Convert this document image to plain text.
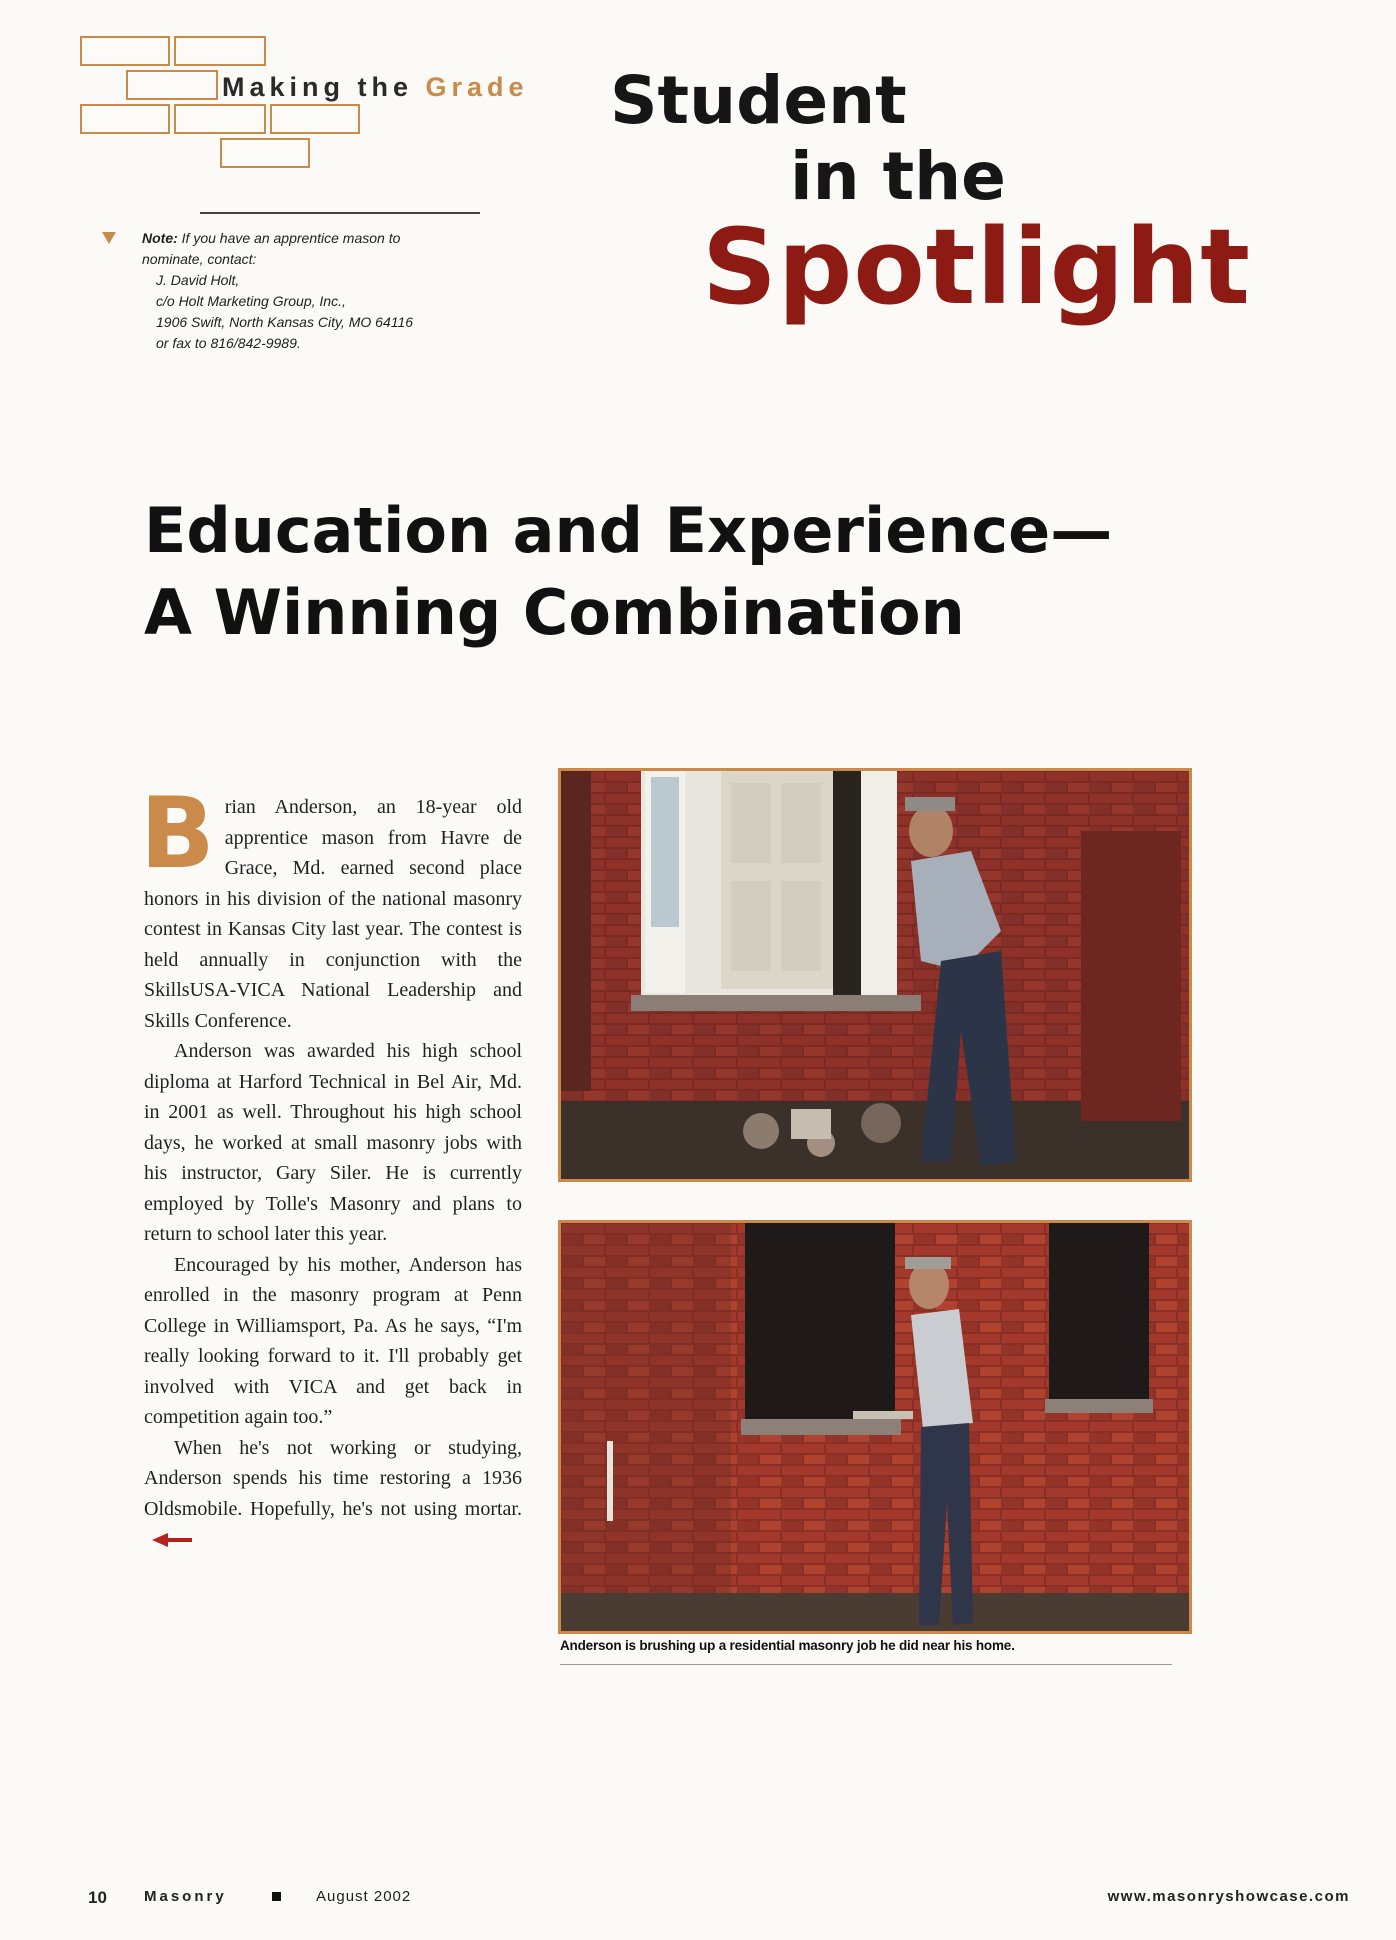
Making the Grade Student
in the
Spotlight
Note: If you have an apprentice mason to
nominate, contact:
J. David Holt,
c/o Holt Marketing Group, Inc.,
1906 Swift, North Kansas City, MO 64116
or fax to 816/842-9989.
Education and Experience—
A Winning Combination
B rian Anderson, an 18-year old apprentice mason from Havre de Grace, Md. earned second place honors in his division of the national masonry contest in Kansas City last year. The contest is held annually in conjunction with the SkillsUSA-VICA National Leadership and Skills Conference.

Anderson was awarded his high school diploma at Harford Technical in Bel Air, Md. in 2001 as well. Throughout his high school days, he worked at small masonry jobs with his instructor, Gary Siler. He is currently employed by Tolle's Masonry and plans to return to school later this year.

Encouraged by his mother, Anderson has enrolled in the masonry program at Penn College in Williamsport, Pa. As he says, “I'm really looking forward to it. I'll probably get involved with VICA and get back in competition again too.”

When he's not working or studying, Anderson spends his time restoring a 1936 Oldsmobile. Hopefully, he's not using mortar.

Anderson is brushing up a residential masonry job he did near his home.
10 Masonry	August 2002	www.masonryshowcase.com
